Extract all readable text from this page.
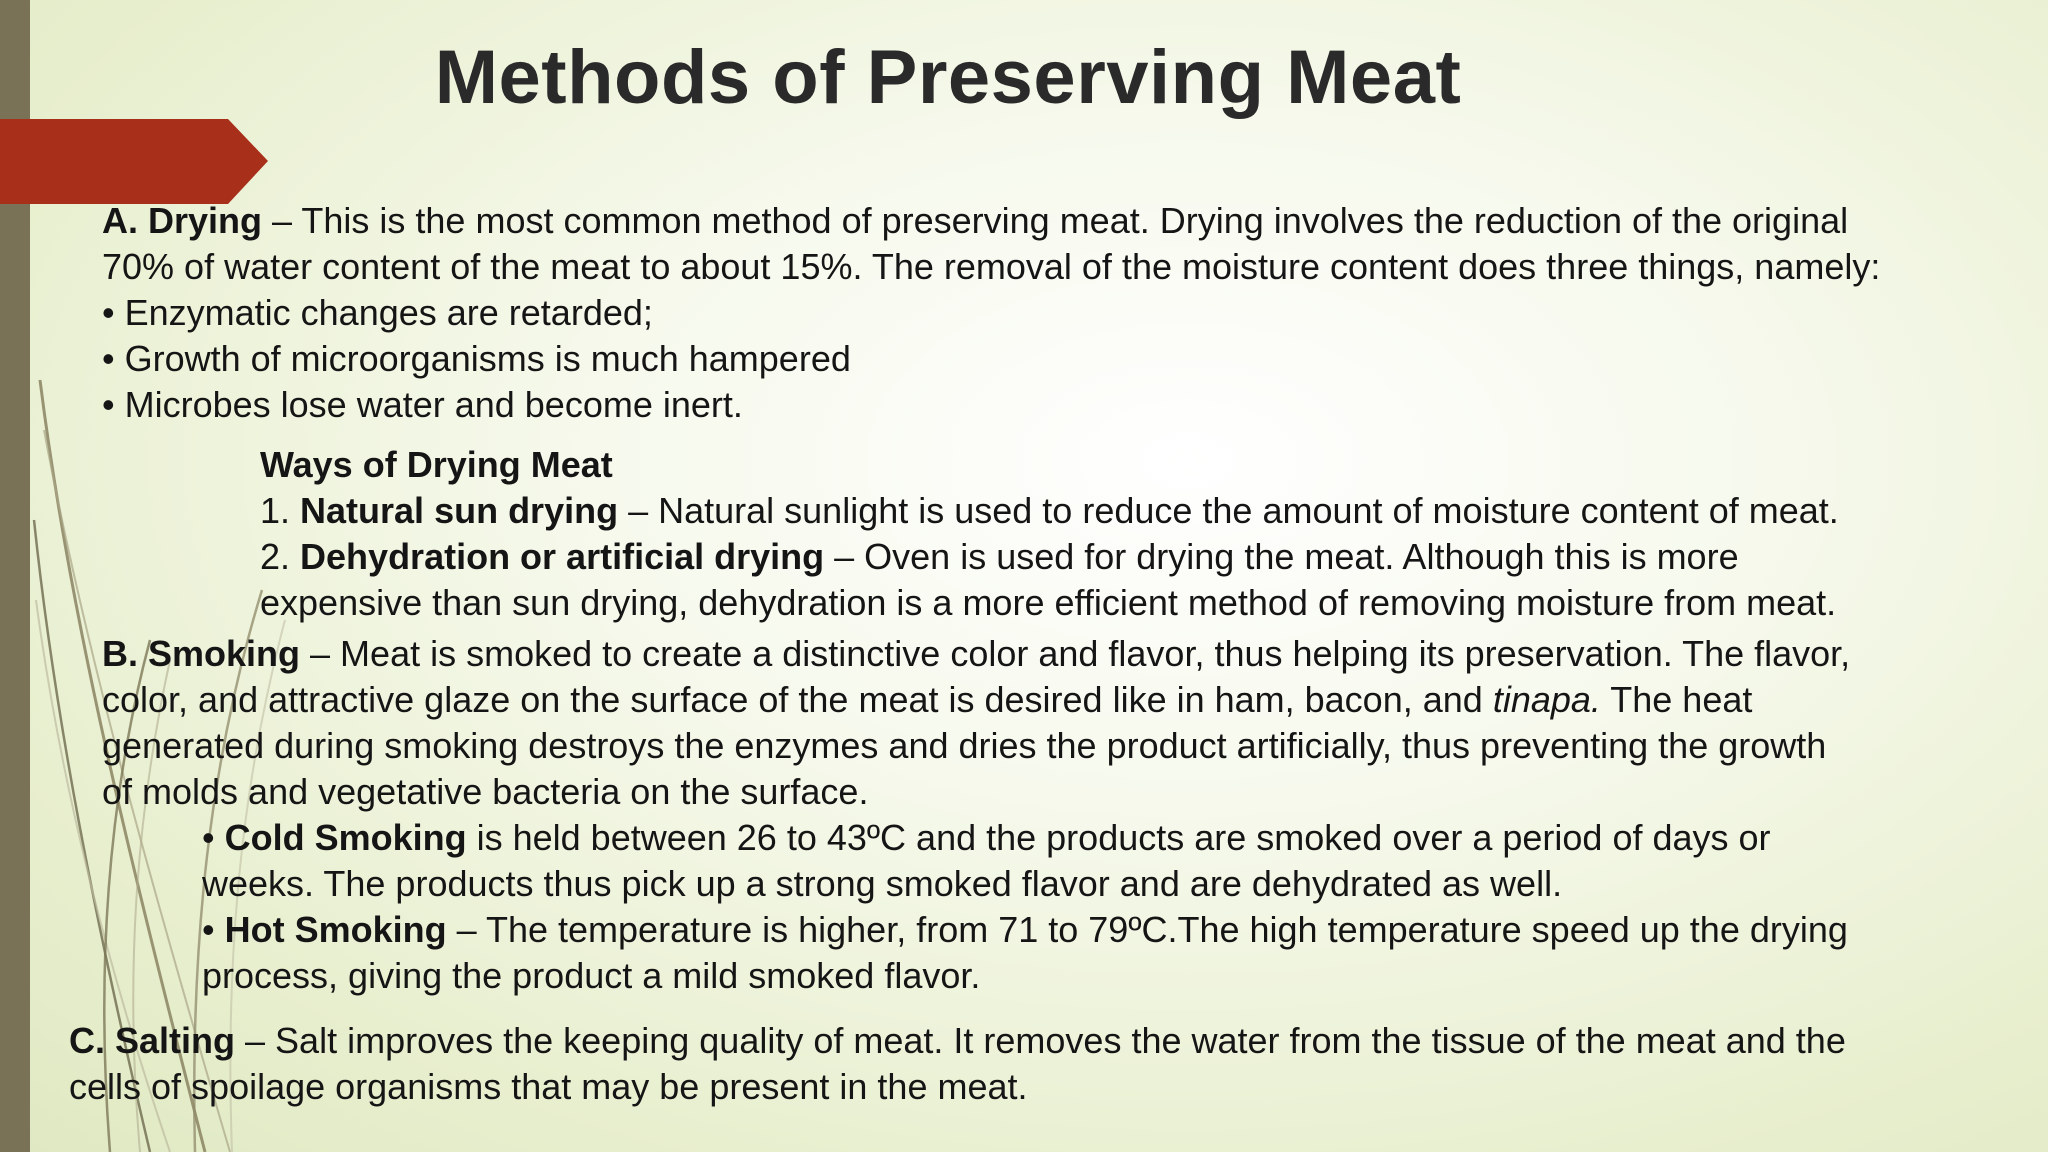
Methods of Preserving Meat
A. Drying – This is the most common method of preserving meat. Drying involves the reduction of the original
70% of water content of the meat to about 15%. The removal of the moisture content does three things, namely:
• Enzymatic changes are retarded;
• Growth of microorganisms is much hampered
• Microbes lose water and become inert.
Ways of Drying Meat
1. Natural sun drying – Natural sunlight is used to reduce the amount of moisture content of meat.
2. Dehydration or artificial drying – Oven is used for drying the meat. Although this is more
expensive than sun drying, dehydration is a more efficient method of removing moisture from meat.
B. Smoking – Meat is smoked to create a distinctive color and flavor, thus helping its preservation. The flavor,
color, and attractive glaze on the surface of the meat is desired like in ham, bacon, and tinapa. The heat
generated during smoking destroys the enzymes and dries the product artificially, thus preventing the growth
of molds and vegetative bacteria on the surface.
• Cold Smoking is held between 26 to 43ºC and the products are smoked over a period of days or
weeks. The products thus pick up a strong smoked flavor and are dehydrated as well.
• Hot Smoking – The temperature is higher, from 71 to 79ºC.The high temperature speed up the drying
process, giving the product a mild smoked flavor.
C. Salting – Salt improves the keeping quality of meat. It removes the water from the tissue of the meat and the
cells of spoilage organisms that may be present in the meat.
